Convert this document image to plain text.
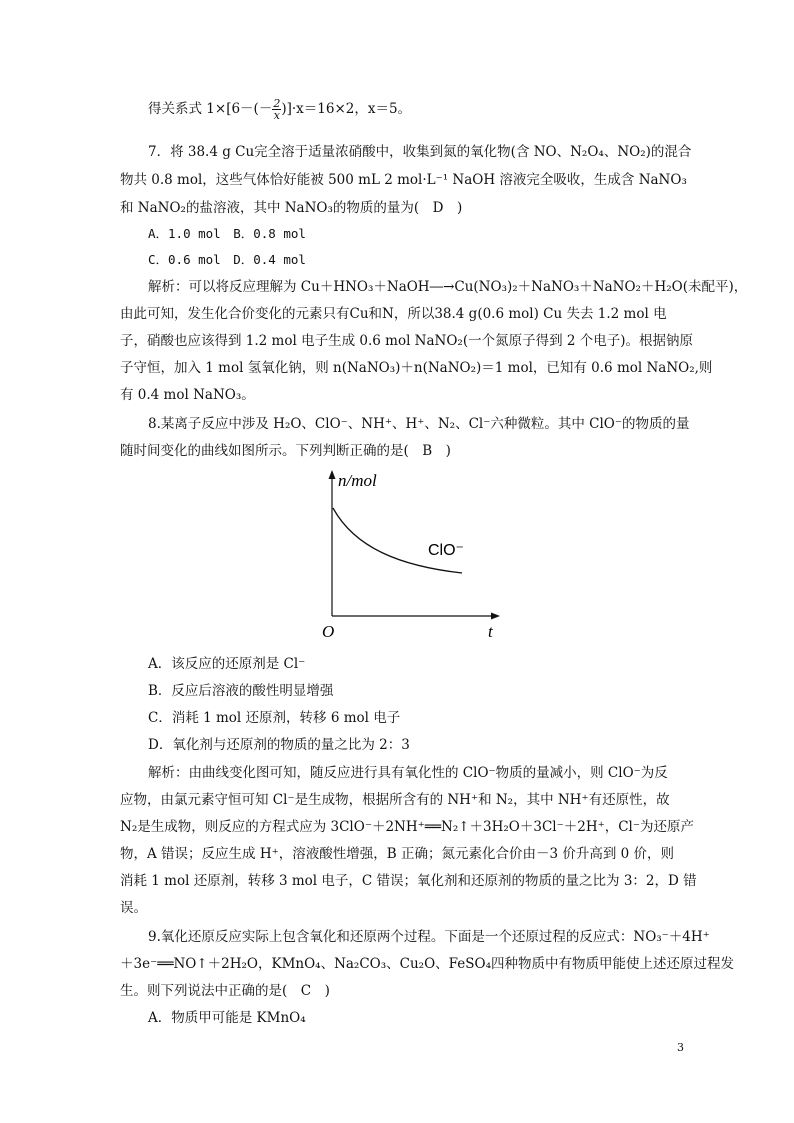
得关系式 $1\times[6-(- \frac{2}{x} )]\cdot x=16\times 2$，x＝5。
7．将 38.4 g Cu完全溶于适量浓硝酸中，收集到氮的氧化物(含 NO、N₂O₄、NO₂)的混合
物共 0.8 mol，这些气体恰好能被 500 mL 2 mol·L⁻¹ NaOH 溶液完全吸收，生成含 NaNO₃
和 NaNO₂的盐溶液，其中 NaNO₃的物质的量为(　D　)
A．1.0 mol　B．0.8 mol
C．0.6 mol　D．0.4 mol
解析：可以将反应理解为 Cu＋HNO₃＋NaOH―→Cu(NO₃)₂＋NaNO₃＋NaNO₂＋H₂O(未配平)，
由此可知，发生化合价变化的元素只有Cu和N，所以38.4 g(0.6 mol) Cu 失去 1.2 mol 电
子，硝酸也应该得到 1.2 mol 电子生成 0.6 mol NaNO₂(一个氮原子得到 2 个电子)。根据钠原
子守恒，加入 1 mol 氢氧化钠，则 n(NaNO₃)＋n(NaNO₂)＝1 mol，已知有 0.6 mol NaNO₂,则
有 0.4 mol NaNO₃。
8.某离子反应中涉及 H₂O、ClO⁻、NH⁺、H⁺、N₂、Cl⁻六种微粒。其中 ClO⁻的物质的量
随时间变化的曲线如图所示。下列判断正确的是(　B　)
n/mol
t
O
ClO⁻
A．该反应的还原剂是 Cl⁻
B．反应后溶液的酸性明显增强
C．消耗 1 mol 还原剂，转移 6 mol 电子
D．氧化剂与还原剂的物质的量之比为 2：3
解析：由曲线变化图可知，随反应进行具有氧化性的 ClO⁻物质的量减小，则 ClO⁻为反
应物，由氯元素守恒可知 Cl⁻是生成物，根据所含有的 NH⁺和 N₂，其中 NH⁺有还原性，故
N₂是生成物，则反应的方程式应为 3ClO⁻＋2NH⁺══N₂↑＋3H₂O＋3Cl⁻＋2H⁺，Cl⁻为还原产
物，A 错误；反应生成 H⁺，溶液酸性增强，B 正确；氮元素化合价由－3 价升高到 0 价，则
消耗 1 mol 还原剂，转移 3 mol 电子，C 错误；氧化剂和还原剂的物质的量之比为 3：2，D 错
误。
9.氧化还原反应实际上包含氧化和还原两个过程。下面是一个还原过程的反应式：NO₃⁻＋4H⁺
＋3e⁻══NO↑＋2H₂O，KMnO₄、Na₂CO₃、Cu₂O、FeSO₄四种物质中有物质甲能使上述还原过程发
生。则下列说法中正确的是(　C　)
A．物质甲可能是 KMnO₄
3
